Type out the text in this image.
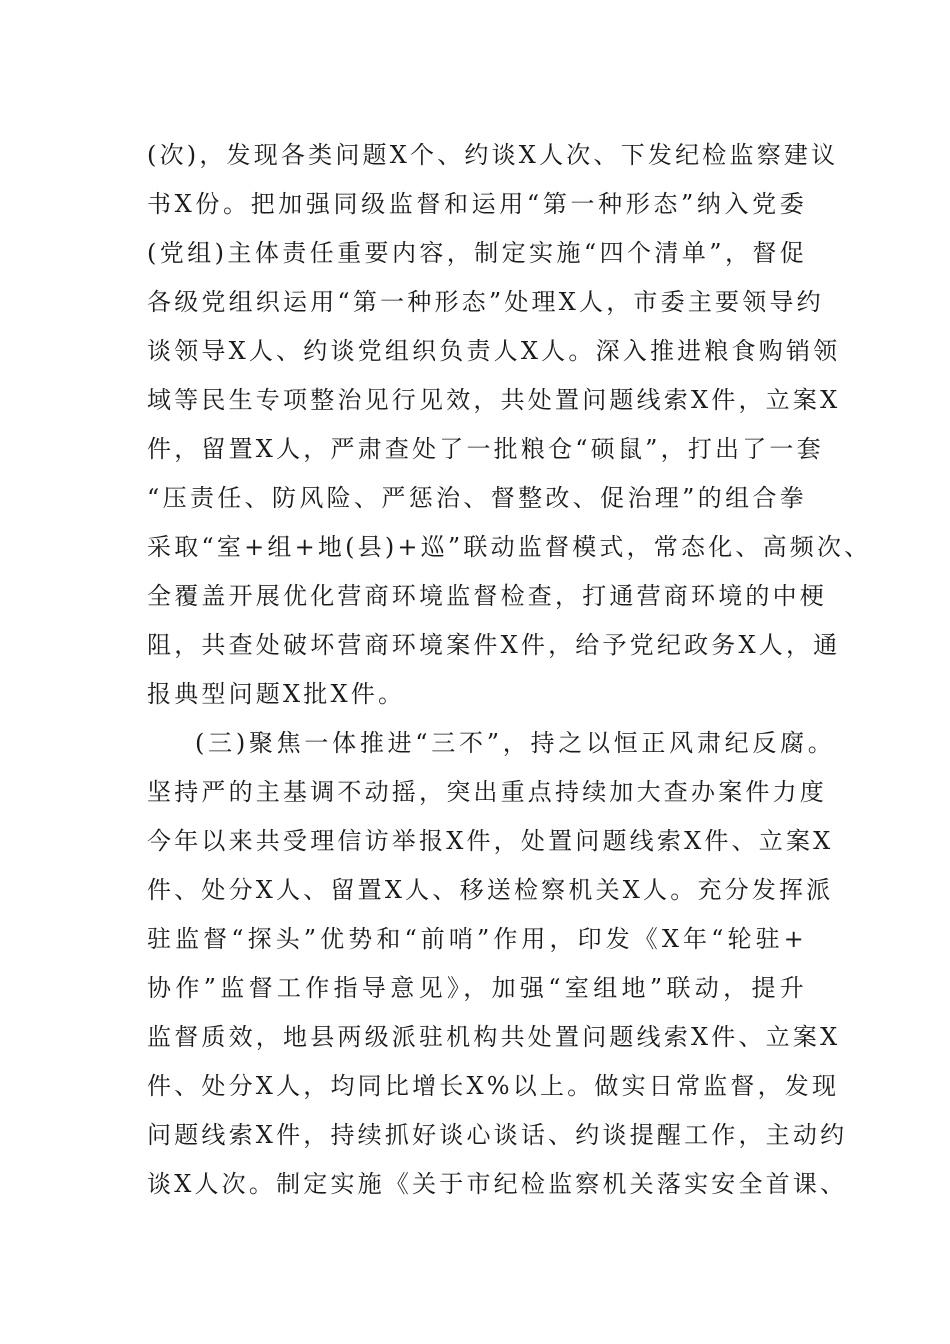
(次)，发现各类问题X个、约谈X人次、下发纪检监察建议
书X份。把加强同级监督和运用“第一种形态”纳入党委
(党组)主体责任重要内容，制定实施“四个清单”，督促
各级党组织运用“第一种形态”处理X人，市委主要领导约
谈领导X人、约谈党组织负责人X人。深入推进粮食购销领
域等民生专项整治见行见效，共处置问题线索X件，立案X
件，留置X人，严肃查处了一批粮仓“硕鼠”，打出了一套
“压责任、防风险、严惩治、督整改、促治理”的组合拳
采取“室+组+地(县)+巡”联动监督模式，常态化、高频次、
全覆盖开展优化营商环境监督检查，打通营商环境的中梗
阻，共查处破坏营商环境案件X件，给予党纪政务X人，通
报典型问题X批X件。
(三)聚焦一体推进“三不”，持之以恒正风肃纪反腐。
坚持严的主基调不动摇，突出重点持续加大查办案件力度
今年以来共受理信访举报X件，处置问题线索X件、立案X
件、处分X人、留置X人、移送检察机关X人。充分发挥派
驻监督“探头”优势和“前哨”作用，印发《X年“轮驻+
协作”监督工作指导意见》，加强“室组地”联动，提升
监督质效，地县两级派驻机构共处置问题线索X件、立案X
件、处分X人，均同比增长X%以上。做实日常监督，发现
问题线索X件，持续抓好谈心谈话、约谈提醒工作，主动约
谈X人次。制定实施《关于市纪检监察机关落实安全首课、
